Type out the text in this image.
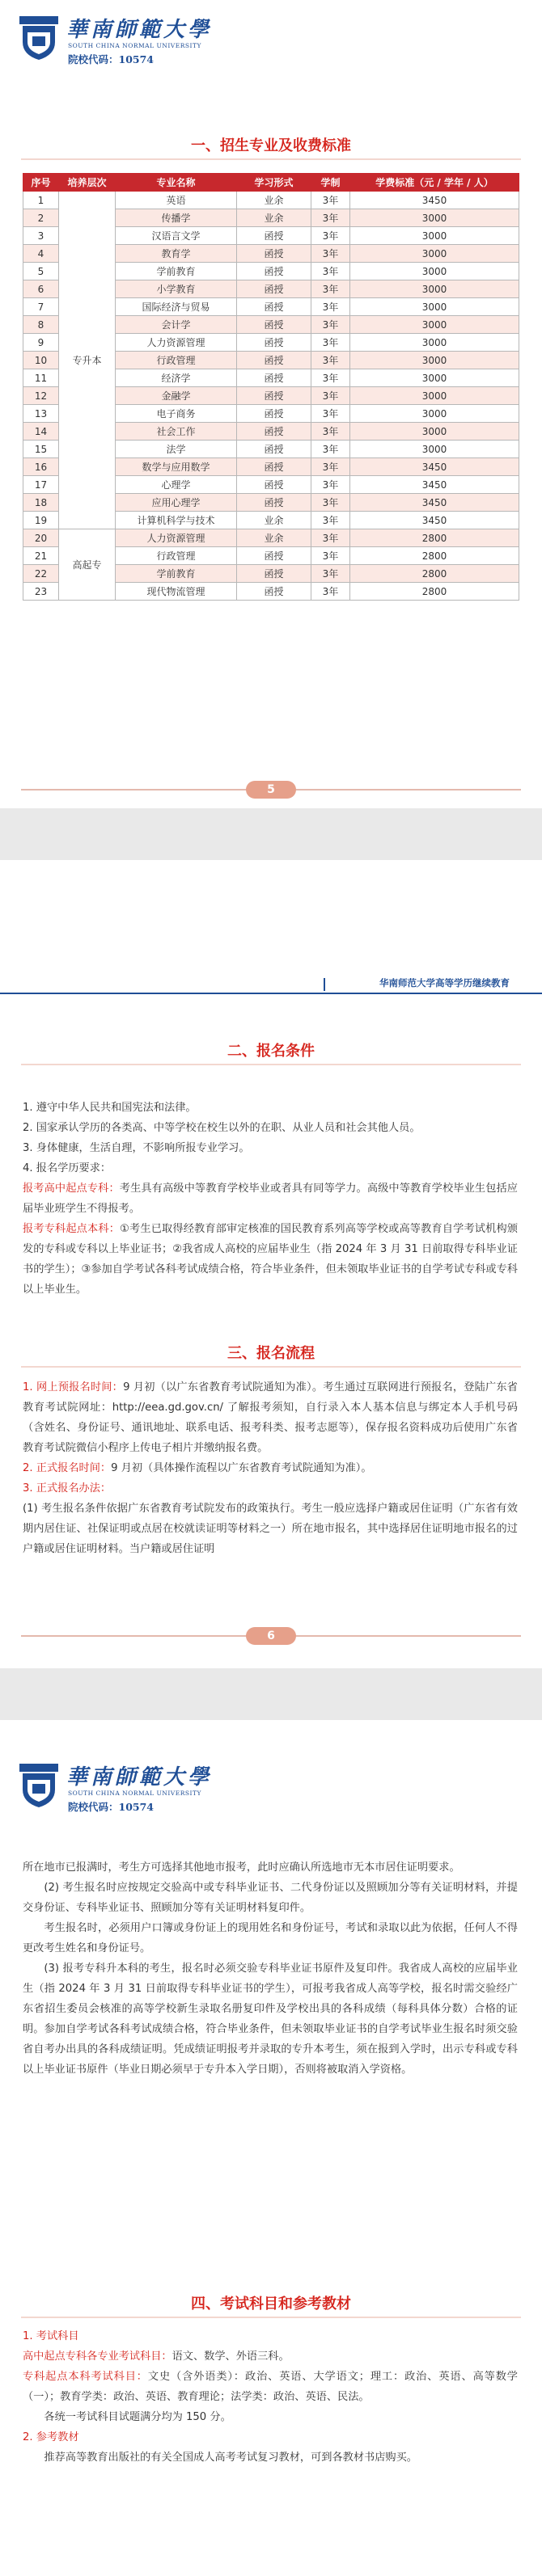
華南師範大學
SOUTH CHINA NORMAL UNIVERSITY
院校代码：10574
一、招生专业及收费标准
序号	培养层次	专业名称	学习形式	学制	学费标准（元 / 学年 / 人）
1	专升本	英语	业余	3年	3450
2		传播学	业余	3年	3000
3		汉语言文学	函授	3年	3000
4		教育学	函授	3年	3000
5		学前教育	函授	3年	3000
6		小学教育	函授	3年	3000
7		国际经济与贸易	函授	3年	3000
8		会计学	函授	3年	3000
9		人力资源管理	函授	3年	3000
10		行政管理	函授	3年	3000
11		经济学	函授	3年	3000
12		金融学	函授	3年	3000
13		电子商务	函授	3年	3000
14		社会工作	函授	3年	3000
15		法学	函授	3年	3000
16		数学与应用数学	函授	3年	3450
17		心理学	函授	3年	3450
18		应用心理学	函授	3年	3450
19		计算机科学与技术	业余	3年	3450
20	高起专	人力资源管理	业余	3年	2800
21		行政管理	函授	3年	2800
22		学前教育	函授	3年	2800
23		现代物流管理	函授	3年	2800
5
华南师范大学高等学历继续教育
二、报名条件

1. 遵守中华人民共和国宪法和法律。

2. 国家承认学历的各类高、中等学校在校生以外的在职、从业人员和社会其他人员。

3. 身体健康，生活自理，不影响所报专业学习。

4. 报名学历要求：

报考高中起点专科：考生具有高级中等教育学校毕业或者具有同等学力。高级中等教育学校毕业生包括应届毕业班学生不得报考。

报考专科起点本科：①考生已取得经教育部审定核准的国民教育系列高等学校或高等教育自学考试机构颁发的专科或专科以上毕业证书；②我省成人高校的应届毕业生（指 2024 年 3 月 31 日前取得专科毕业证书的学生）；③参加自学考试各科考试成绩合格，符合毕业条件，但未领取毕业证书的自学考试专科或专科以上毕业生。

三、报名流程

1. 网上预报名时间：9 月初（以广东省教育考试院通知为准）。考生通过互联网进行预报名，登陆广东省教育考试院网址：http://eea.gd.gov.cn/ 了解报考须知，自行录入本人基本信息与绑定本人手机号码（含姓名、身份证号、通讯地址、联系电话、报考科类、报考志愿等），保存报名资料成功后使用广东省教育考试院微信小程序上传电子相片并缴纳报名费。

2. 正式报名时间：9 月初（具体操作流程以广东省教育考试院通知为准）。

3. 正式报名办法：

(1) 考生报名条件依据广东省教育考试院发布的政策执行。考生一般应选择户籍或居住证明（广东省有效期内居住证、社保证明或点居在校就读证明等材料之一）所在地市报名，其中选择居住证明地市报名的过户籍或居住证明材料。当户籍或居住证明

6
華南師範大學
SOUTH CHINA NORMAL UNIVERSITY
院校代码：10574

所在地市已报满时，考生方可选择其他地市报考，此时应确认所选地市无本市居住证明要求。

(2) 考生报名时应按规定交验高中或专科毕业证书、二代身份证以及照顾加分等有关证明材料，并提交身份证、专科毕业证书、照顾加分等有关证明材料复印件。

考生报名时，必须用户口簿或身份证上的现用姓名和身份证号，考试和录取以此为依据，任何人不得更改考生姓名和身份证号。

(3) 报考专科升本科的考生，报名时必须交验专科毕业证书原件及复印件。我省成人高校的应届毕业生（指 2024 年 3 月 31 日前取得专科毕业证书的学生），可报考我省成人高等学校，报名时需交验经广东省招生委员会核准的高等学校新生录取名册复印件及学校出具的各科成绩（每科具体分数）合格的证明。参加自学考试各科考试成绩合格，符合毕业条件，但未领取毕业证书的自学考试毕业生报名时须交验省自考办出具的各科成绩证明。凭成绩证明报考并录取的专升本考生，须在报到入学时，出示专科或专科以上毕业证书原件（毕业日期必须早于专升本入学日期），否则将被取消入学资格。

四、考试科目和参考教材

1. 考试科目

高中起点专科各专业考试科目：语文、数学、外语三科。

专科起点本科考试科目：文史（含外语类）：政治、英语、大学语文；理工：政治、英语、高等数学（一）；教育学类：政治、英语、教育理论；法学类：政治、英语、民法。

各统一考试科目试题满分均为 150 分。

2. 参考教材

推荐高等教育出版社的有关全国成人高考考试复习教材，可到各教材书店购买。
